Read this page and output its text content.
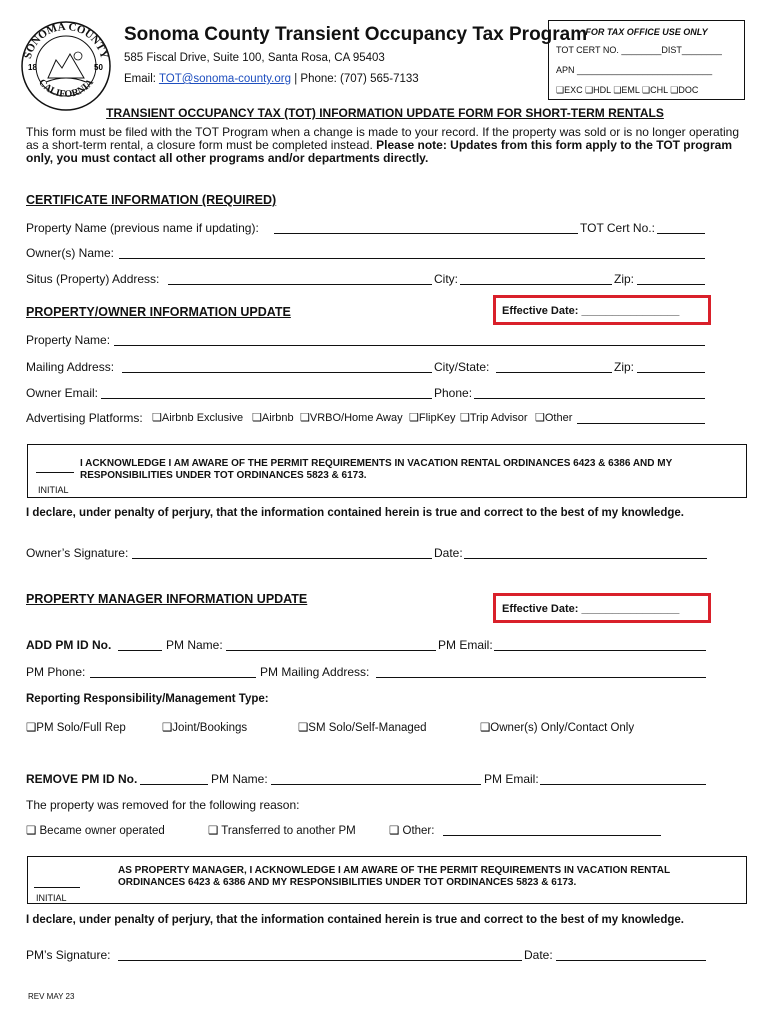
SONOMA COUNTY
CALIFORNIA
18	50
Sonoma County Transient Occupancy Tax Program
585 Fiscal Drive, Suite 100, Santa Rosa, CA 95403
Email: TOT@sonoma-county.org | Phone: (707) 565-7133
FOR TAX OFFICE USE ONLY
TOT CERT NO. ________DIST________
APN ___________________________
❑EXC ❑HDL ❑EML ❑CHL ❑DOC
TRANSIENT OCCUPANCY TAX (TOT) INFORMATION UPDATE FORM FOR SHORT-TERM RENTALS
This form must be filed with the TOT Program when a change is made to your record. If the property was sold or is no longer operating as a short-term rental, a closure form must be completed instead. Please note: Updates from this form apply to the TOT program only, you must contact all other programs and/or departments directly.
CERTIFICATE INFORMATION (REQUIRED)
Property Name (previous name if updating):	TOT Cert No.:
Owner(s) Name:
Situs (Property) Address:	City:	Zip:
PROPERTY/OWNER INFORMATION UPDATE	Effective Date: ________________
Property Name:
Mailing Address:	City/State:	Zip:
Owner Email:	Phone:
Advertising Platforms: ❑Airbnb Exclusive ❑Airbnb ❑VRBO/Home Away ❑FlipKey ❑Trip Advisor ❑Other
INITIAL
I ACKNOWLEDGE I AM AWARE OF THE PERMIT REQUIREMENTS IN VACATION RENTAL ORDINANCES 6423 & 6386 AND MY
RESPONSIBILITIES UNDER TOT ORDINANCES 5823 & 6173.
I declare, under penalty of perjury, that the information contained herein is true and correct to the best of my knowledge.
Owner’s Signature:	Date:
PROPERTY MANAGER INFORMATION UPDATE
Effective Date: ________________
ADD PM ID No.	PM Name:	PM Email:
PM Phone:	PM Mailing Address:
Reporting Responsibility/Management Type:
❑PM Solo/Full Rep	❑Joint/Bookings	❑SM Solo/Self-Managed	❑Owner(s) Only/Contact Only
REMOVE PM ID No.	PM Name:	PM Email:
The property was removed for the following reason:
❑ Became owner operated	❑ Transferred to another PM	❑ Other:
INITIAL
AS PROPERTY MANAGER, I ACKNOWLEDGE I AM AWARE OF THE PERMIT REQUIREMENTS IN VACATION RENTAL
ORDINANCES 6423 & 6386 AND MY RESPONSIBILITIES UNDER TOT ORDINANCES 5823 & 6173.
I declare, under penalty of perjury, that the information contained herein is true and correct to the best of my knowledge.
PM’s Signature:	Date:
REV MAY 23
